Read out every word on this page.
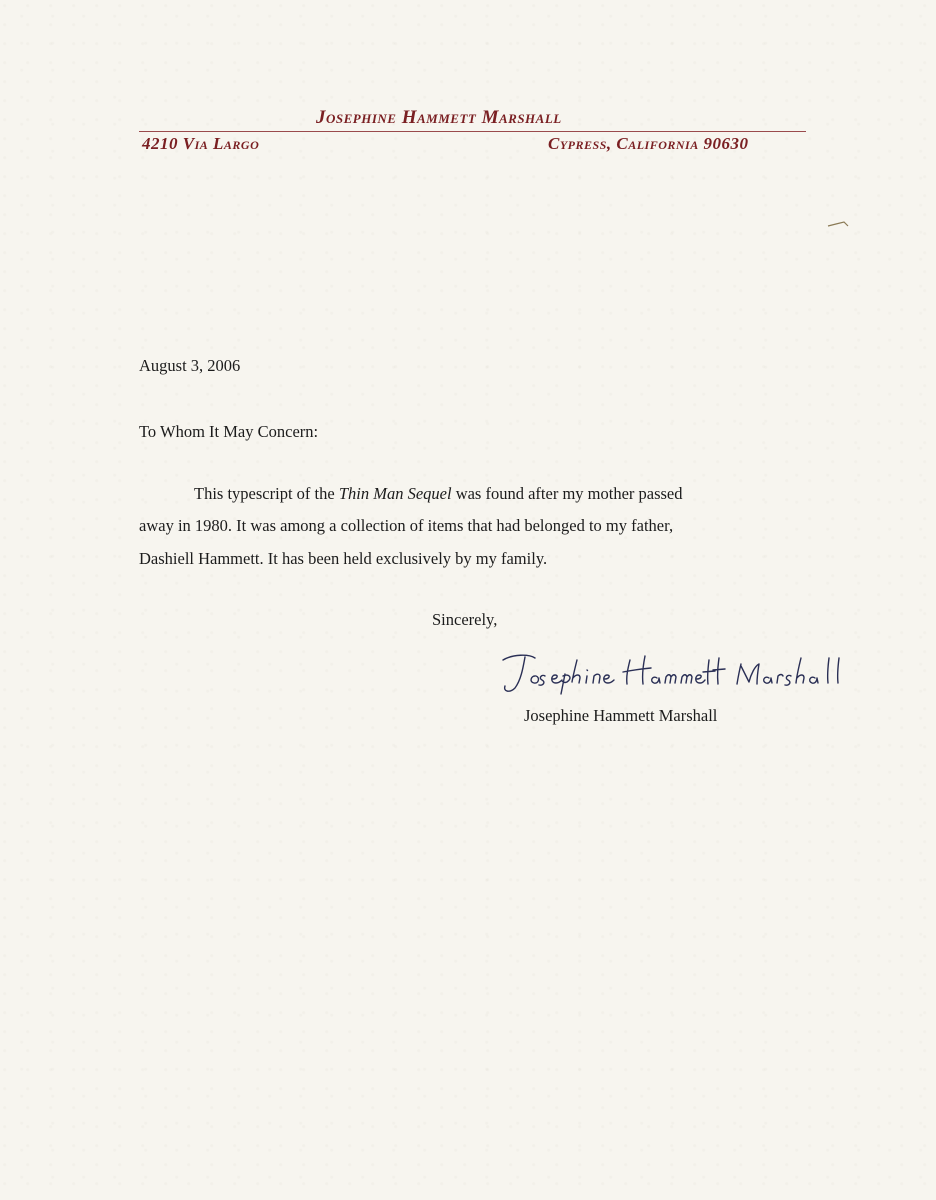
Josephine Hammett Marshall
4210 Via Largo	Cypress, California 90630
August 3, 2006
To Whom It May Concern:
This typescript of the Thin Man Sequel was found after my mother passed
away in 1980. It was among a collection of items that had belonged to my father,
Dashiell Hammett. It has been held exclusively by my family.
Sincerely,
Josephine Hammett Marshall
